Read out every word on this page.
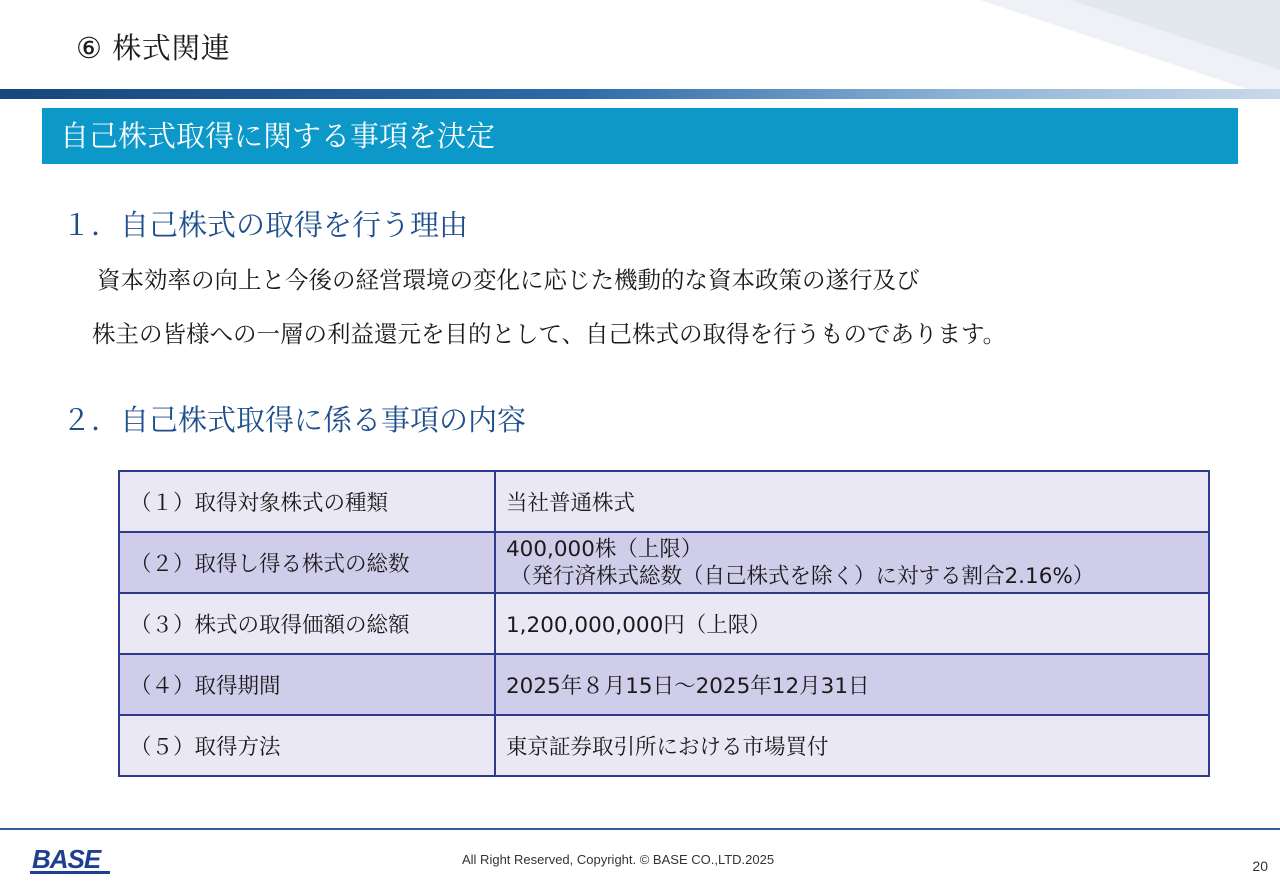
⑥ 株式関連
自己株式取得に関する事項を決定
１．自己株式の取得を行う理由
資本効率の向上と今後の経営環境の変化に応じた機動的な資本政策の遂行及び
株主の皆様への一層の利益還元を目的として、自己株式の取得を行うものであります。
２．自己株式取得に係る事項の内容
（１）取得対象株式の種類	当社普通株式
（２）取得し得る株式の総数	400,000株（上限）
（発行済株式総数（自己株式を除く）に対する割合2.16%）

（３）株式の取得価額の総額	1,200,000,000円（上限）
（４）取得期間	2025年８月15日～2025年12月31日
（５）取得方法	東京証券取引所における市場買付
BASE	All Right Reserved, Copyright. © BASE CO.,LTD.2025	20
